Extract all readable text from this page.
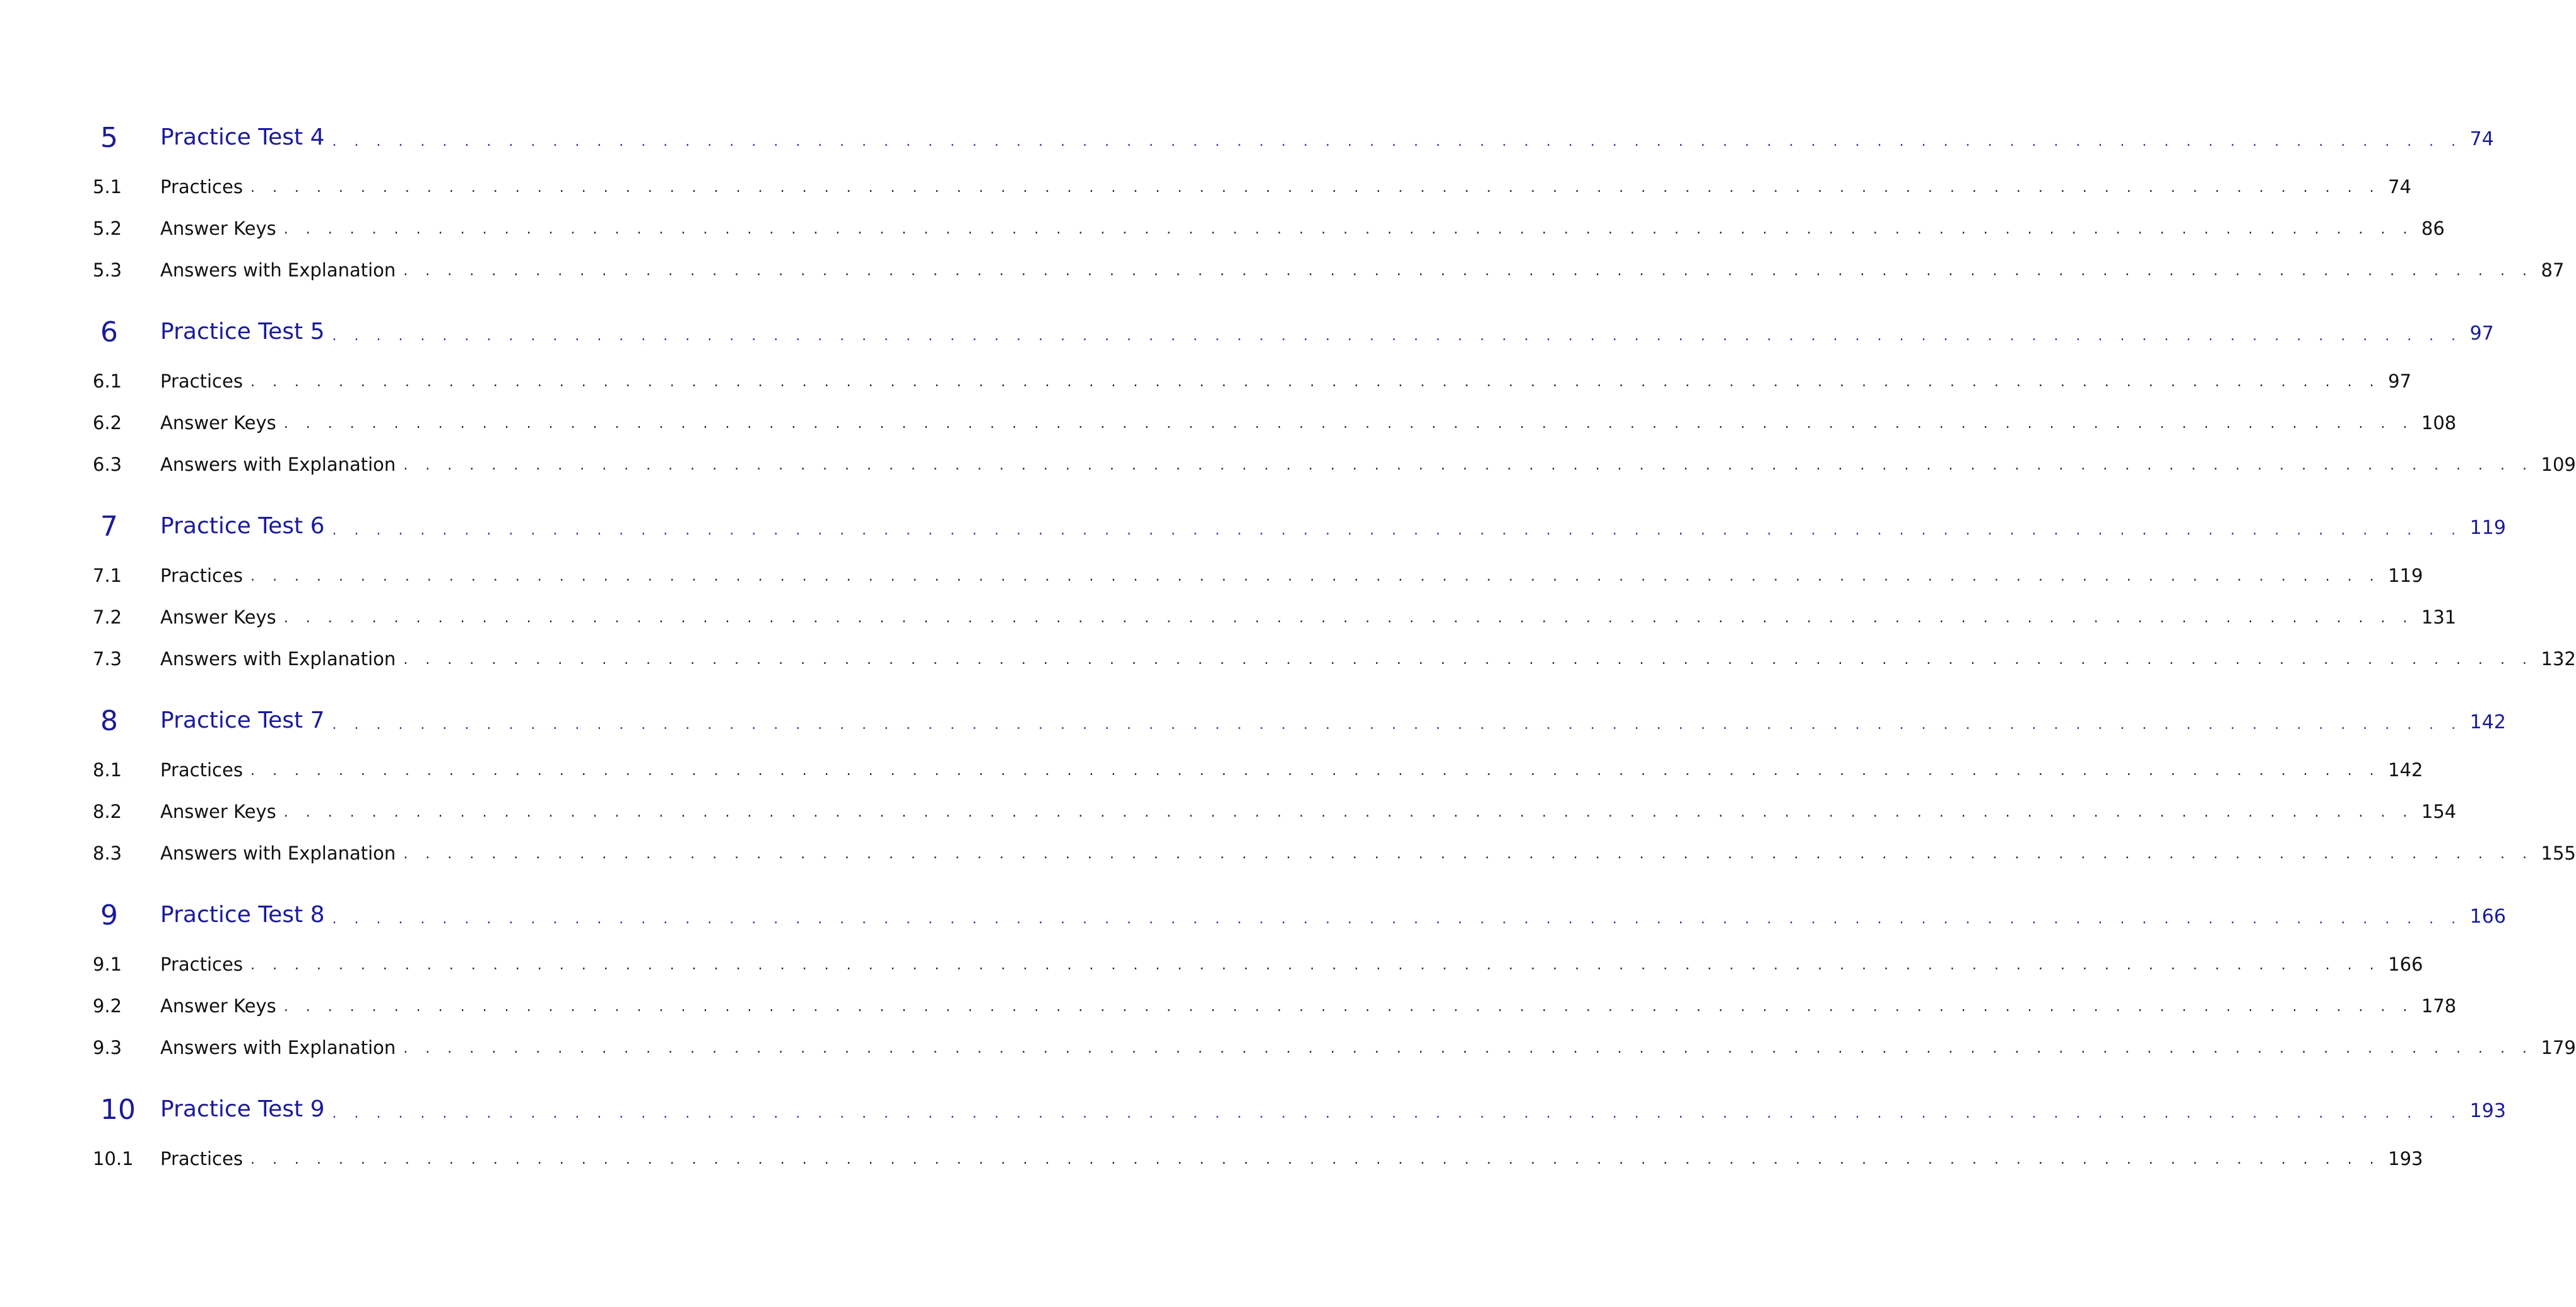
5	Practice Test 4 . . . . . . . . . . . . . . . . . . . . . . . . . . . . . . . . . . . . . . . . . . . . . . . . . . . . . . . . . . . . . . . . . . . . . . . . . . . . . . . . . . . . . . . . . . . . . . . . . 74
5.1 Practices . . . . . . . . . . . . . . . . . . . . . . . . . . . . . . . . . . . . . . . . . . . . . . . . . . . . . . . . . . . . . . . . . . . . . . . . . . . . . . . . . . . . . . . . . . . . . . . . . 74
5.2 Answer Keys . . . . . . . . . . . . . . . . . . . . . . . . . . . . . . . . . . . . . . . . . . . . . . . . . . . . . . . . . . . . . . . . . . . . . . . . . . . . . . . . . . . . . . . . . . . . . . . . . 86
5.3 Answers with Explanation . . . . . . . . . . . . . . . . . . . . . . . . . . . . . . . . . . . . . . . . . . . . . . . . . . . . . . . . . . . . . . . . . . . . . . . . . . . . . . . . . . . . . . . . . . . . . . . . . 87
6	Practice Test 5 . . . . . . . . . . . . . . . . . . . . . . . . . . . . . . . . . . . . . . . . . . . . . . . . . . . . . . . . . . . . . . . . . . . . . . . . . . . . . . . . . . . . . . . . . . . . . . . . . 97
6.1 Practices . . . . . . . . . . . . . . . . . . . . . . . . . . . . . . . . . . . . . . . . . . . . . . . . . . . . . . . . . . . . . . . . . . . . . . . . . . . . . . . . . . . . . . . . . . . . . . . . . 97
6.2 Answer Keys . . . . . . . . . . . . . . . . . . . . . . . . . . . . . . . . . . . . . . . . . . . . . . . . . . . . . . . . . . . . . . . . . . . . . . . . . . . . . . . . . . . . . . . . . . . . . . . . . 108
6.3 Answers with Explanation . . . . . . . . . . . . . . . . . . . . . . . . . . . . . . . . . . . . . . . . . . . . . . . . . . . . . . . . . . . . . . . . . . . . . . . . . . . . . . . . . . . . . . . . . . . . . . . . . 109
7	Practice Test 6 . . . . . . . . . . . . . . . . . . . . . . . . . . . . . . . . . . . . . . . . . . . . . . . . . . . . . . . . . . . . . . . . . . . . . . . . . . . . . . . . . . . . . . . . . . . . . . . . . 119
7.1 Practices . . . . . . . . . . . . . . . . . . . . . . . . . . . . . . . . . . . . . . . . . . . . . . . . . . . . . . . . . . . . . . . . . . . . . . . . . . . . . . . . . . . . . . . . . . . . . . . . . 119
7.2 Answer Keys . . . . . . . . . . . . . . . . . . . . . . . . . . . . . . . . . . . . . . . . . . . . . . . . . . . . . . . . . . . . . . . . . . . . . . . . . . . . . . . . . . . . . . . . . . . . . . . . . 131
7.3 Answers with Explanation . . . . . . . . . . . . . . . . . . . . . . . . . . . . . . . . . . . . . . . . . . . . . . . . . . . . . . . . . . . . . . . . . . . . . . . . . . . . . . . . . . . . . . . . . . . . . . . . . 132
8	Practice Test 7 . . . . . . . . . . . . . . . . . . . . . . . . . . . . . . . . . . . . . . . . . . . . . . . . . . . . . . . . . . . . . . . . . . . . . . . . . . . . . . . . . . . . . . . . . . . . . . . . . 142
8.1 Practices . . . . . . . . . . . . . . . . . . . . . . . . . . . . . . . . . . . . . . . . . . . . . . . . . . . . . . . . . . . . . . . . . . . . . . . . . . . . . . . . . . . . . . . . . . . . . . . . . 142
8.2 Answer Keys . . . . . . . . . . . . . . . . . . . . . . . . . . . . . . . . . . . . . . . . . . . . . . . . . . . . . . . . . . . . . . . . . . . . . . . . . . . . . . . . . . . . . . . . . . . . . . . . . 154
8.3 Answers with Explanation . . . . . . . . . . . . . . . . . . . . . . . . . . . . . . . . . . . . . . . . . . . . . . . . . . . . . . . . . . . . . . . . . . . . . . . . . . . . . . . . . . . . . . . . . . . . . . . . . 155
9	Practice Test 8 . . . . . . . . . . . . . . . . . . . . . . . . . . . . . . . . . . . . . . . . . . . . . . . . . . . . . . . . . . . . . . . . . . . . . . . . . . . . . . . . . . . . . . . . . . . . . . . . . 166
9.1 Practices . . . . . . . . . . . . . . . . . . . . . . . . . . . . . . . . . . . . . . . . . . . . . . . . . . . . . . . . . . . . . . . . . . . . . . . . . . . . . . . . . . . . . . . . . . . . . . . . . 166
9.2 Answer Keys . . . . . . . . . . . . . . . . . . . . . . . . . . . . . . . . . . . . . . . . . . . . . . . . . . . . . . . . . . . . . . . . . . . . . . . . . . . . . . . . . . . . . . . . . . . . . . . . . 178
9.3 Answers with Explanation . . . . . . . . . . . . . . . . . . . . . . . . . . . . . . . . . . . . . . . . . . . . . . . . . . . . . . . . . . . . . . . . . . . . . . . . . . . . . . . . . . . . . . . . . . . . . . . . . 179
10 Practice Test 9 . . . . . . . . . . . . . . . . . . . . . . . . . . . . . . . . . . . . . . . . . . . . . . . . . . . . . . . . . . . . . . . . . . . . . . . . . . . . . . . . . . . . . . . . . . . . . . . . . 193
10.1 Practices . . . . . . . . . . . . . . . . . . . . . . . . . . . . . . . . . . . . . . . . . . . . . . . . . . . . . . . . . . . . . . . . . . . . . . . . . . . . . . . . . . . . . . . . . . . . . . . . . 193
